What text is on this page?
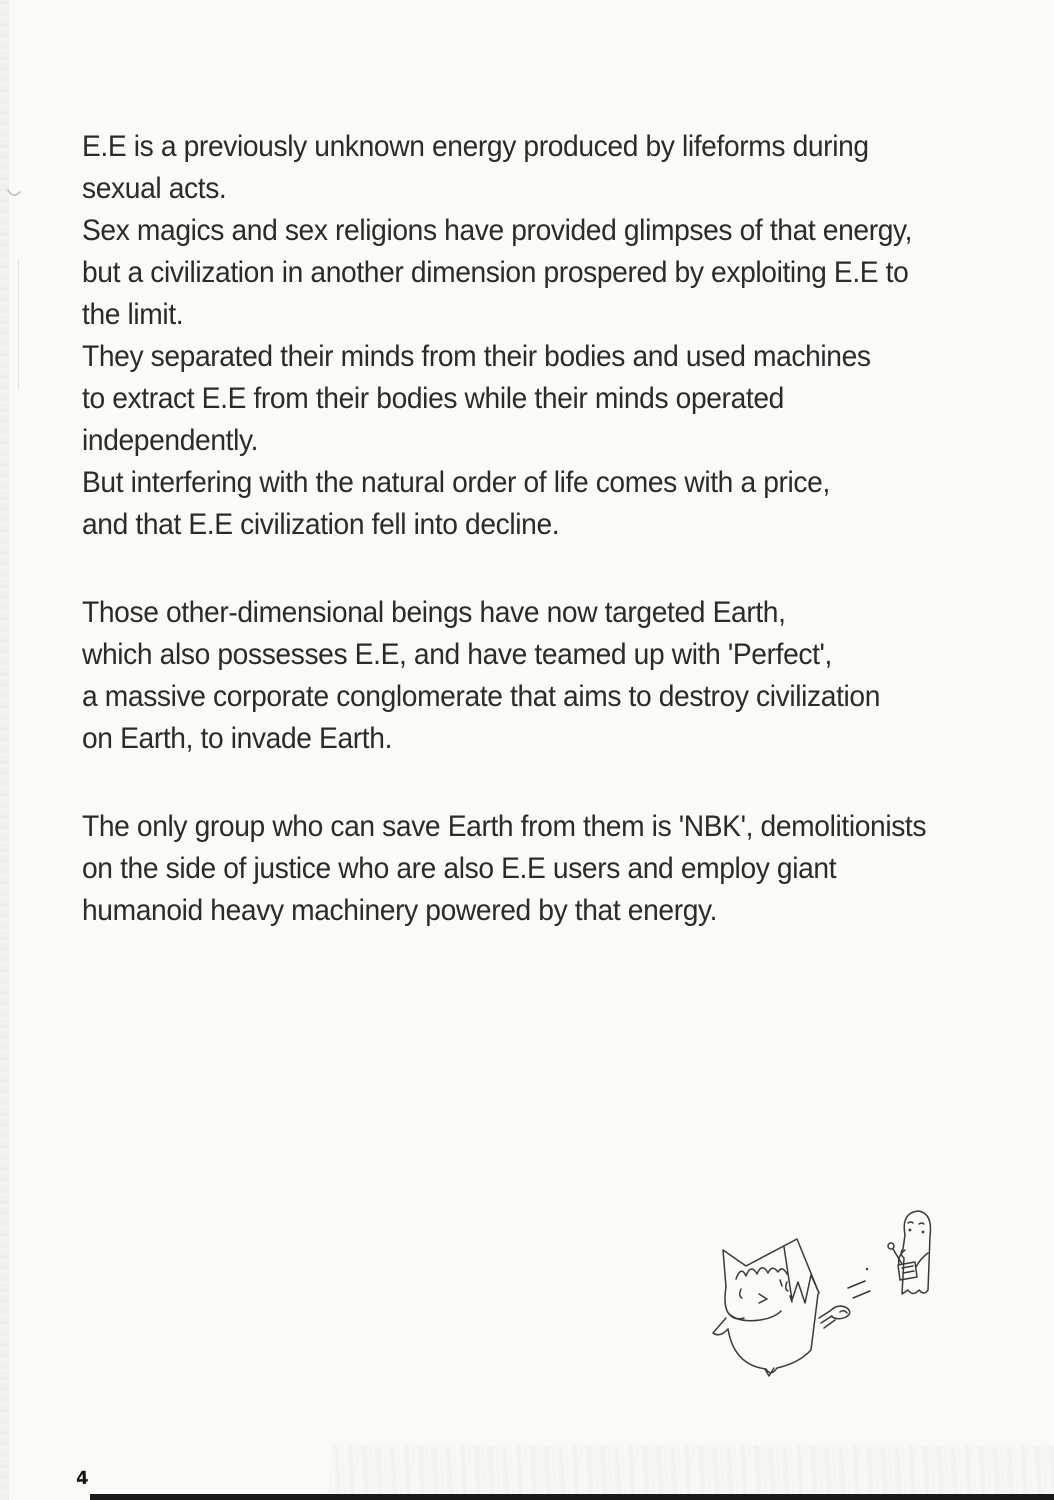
E.E is a previously unknown energy produced by lifeforms during
sexual acts.
Sex magics and sex religions have provided glimpses of that energy,
but a civilization in another dimension prospered by exploiting E.E to
the limit.
They separated their minds from their bodies and used machines
to extract E.E from their bodies while their minds operated
independently.
But interfering with the natural order of life comes with a price,
and that E.E civilization fell into decline.
Those other-dimensional beings have now targeted Earth,
which also possesses E.E, and have teamed up with 'Perfect',
a massive corporate conglomerate that aims to destroy civilization
on Earth, to invade Earth.
The only group who can save Earth from them is 'NBK', demolitionists
on the side of justice who are also E.E users and employ giant
humanoid heavy machinery powered by that energy.
4
